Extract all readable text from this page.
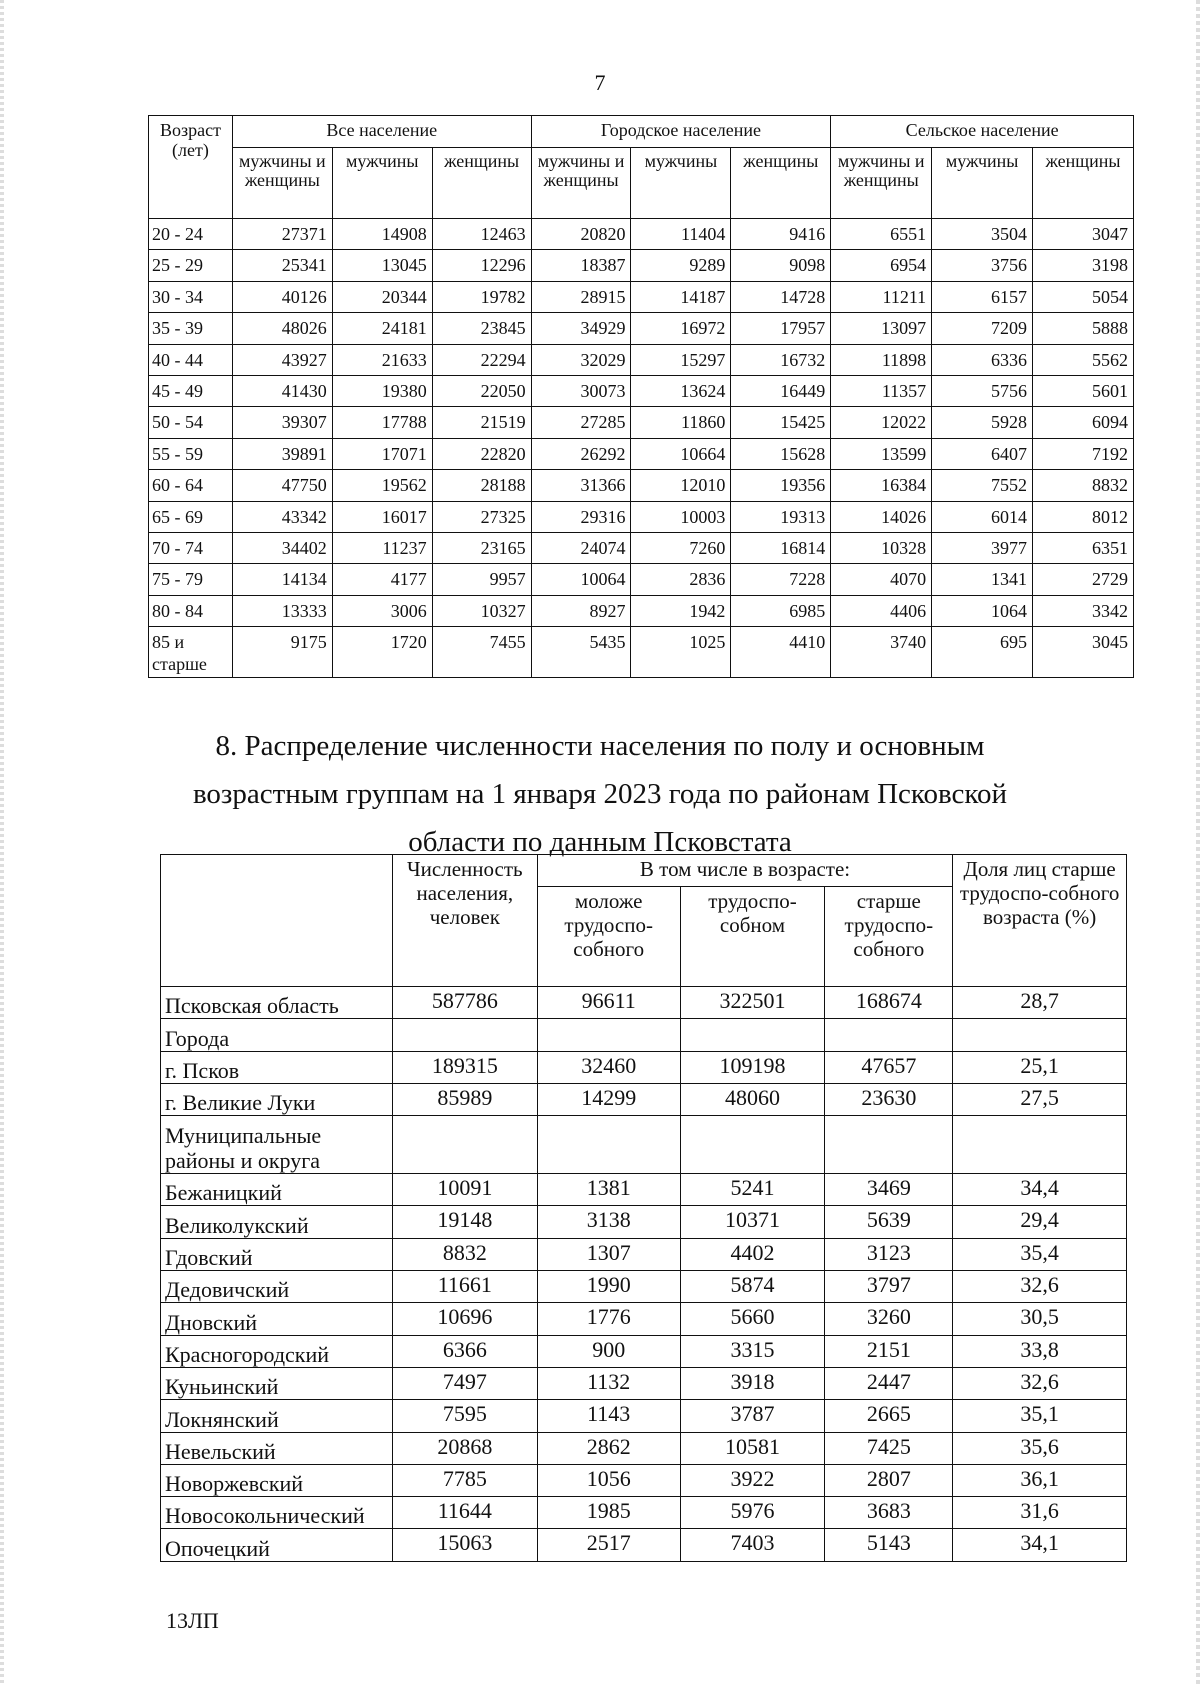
7
Возраст (лет)	Все население			Городское население			Сельское население		
	мужчины и женщины	мужчины	женщины	мужчины и женщины	мужчины	женщины	мужчины и женщины	мужчины	женщины
20 - 24	27371	14908	12463	20820	11404	9416	6551	3504	3047
25 - 29	25341	13045	12296	18387	9289	9098	6954	3756	3198
30 - 34	40126	20344	19782	28915	14187	14728	11211	6157	5054
35 - 39	48026	24181	23845	34929	16972	17957	13097	7209	5888
40 - 44	43927	21633	22294	32029	15297	16732	11898	6336	5562
45 - 49	41430	19380	22050	30073	13624	16449	11357	5756	5601
50 - 54	39307	17788	21519	27285	11860	15425	12022	5928	6094
55 - 59	39891	17071	22820	26292	10664	15628	13599	6407	7192
60 - 64	47750	19562	28188	31366	12010	19356	16384	7552	8832
65 - 69	43342	16017	27325	29316	10003	19313	14026	6014	8012
70 - 74	34402	11237	23165	24074	7260	16814	10328	3977	6351
75 - 79	14134	4177	9957	10064	2836	7228	4070	1341	2729
80 - 84	13333	3006	10327	8927	1942	6985	4406	1064	3342
85 и старше	9175	1720	7455	5435	1025	4410	3740	695	3045
8. Распределение численности населения по полу и основным возрастным группам на 1 января 2023 года по районам Псковской области по данным Псковстата
	Численность населения, человек	В том числе в возрасте:			Доля лиц старше трудоспо-собного возраста (%)
		моложе трудоспо-собного	трудоспо-собном	старше трудоспо-собного	
Псковская область	587786	96611	322501	168674	28,7
Города					
г. Псков	189315	32460	109198	47657	25,1
г. Великие Луки	85989	14299	48060	23630	27,5
Муниципальные районы и округа					
Бежаницкий	10091	1381	5241	3469	34,4
Великолукский	19148	3138	10371	5639	29,4
Гдовский	8832	1307	4402	3123	35,4
Дедовичский	11661	1990	5874	3797	32,6
Дновский	10696	1776	5660	3260	30,5
Красногородский	6366	900	3315	2151	33,8
Куньинский	7497	1132	3918	2447	32,6
Локнянский	7595	1143	3787	2665	35,1
Невельский	20868	2862	10581	7425	35,6
Новоржевский	7785	1056	3922	2807	36,1
Новосокольнический	11644	1985	5976	3683	31,6
Опочецкий	15063	2517	7403	5143	34,1
13ЛП
